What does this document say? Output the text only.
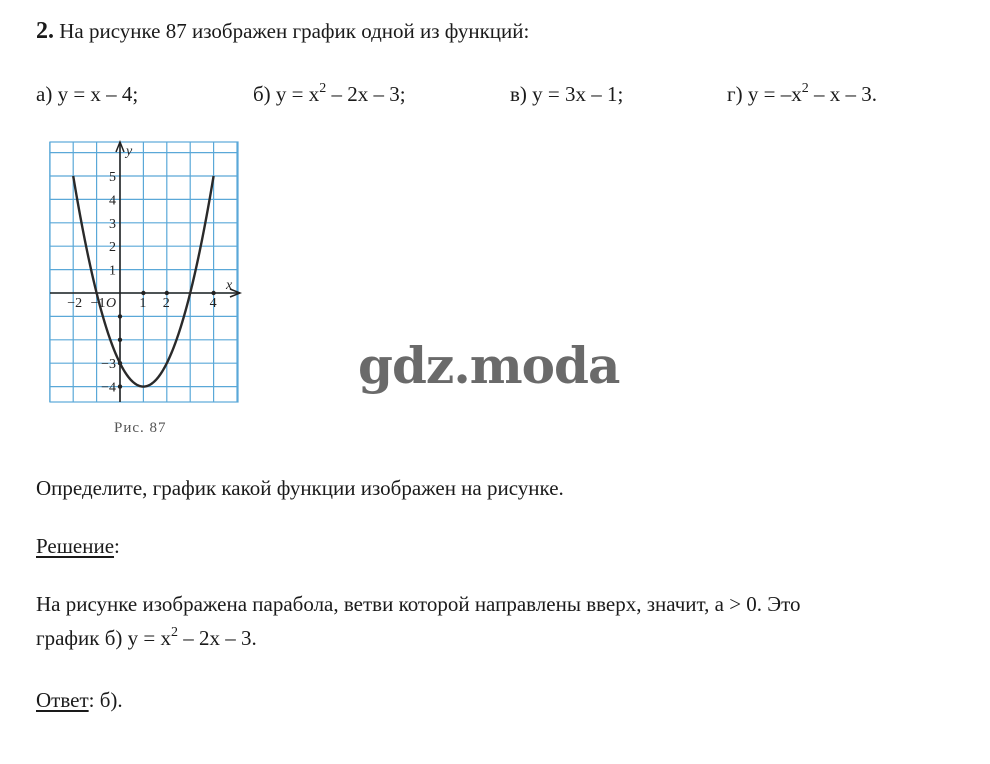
2. На рисунке 87 изображен график одной из функций:
а) y = x – 4;	б) $y = x^2 - 2x - 3$;	в) y = 3x – 1;	г) $y = -x^2 - x - 3$.
−2 −1 1 2	4
5
4
3
2
1
−3
−4
O
y
x
Рис. 87
gdz.moda
Определите, график какой функции изображен на рисунке.
Решение:
На рисунке изображена парабола, ветви которой направлены вверх, значит, a > 0. Это
график б) $y = x^2 - 2x - 3$.
Ответ: б).
